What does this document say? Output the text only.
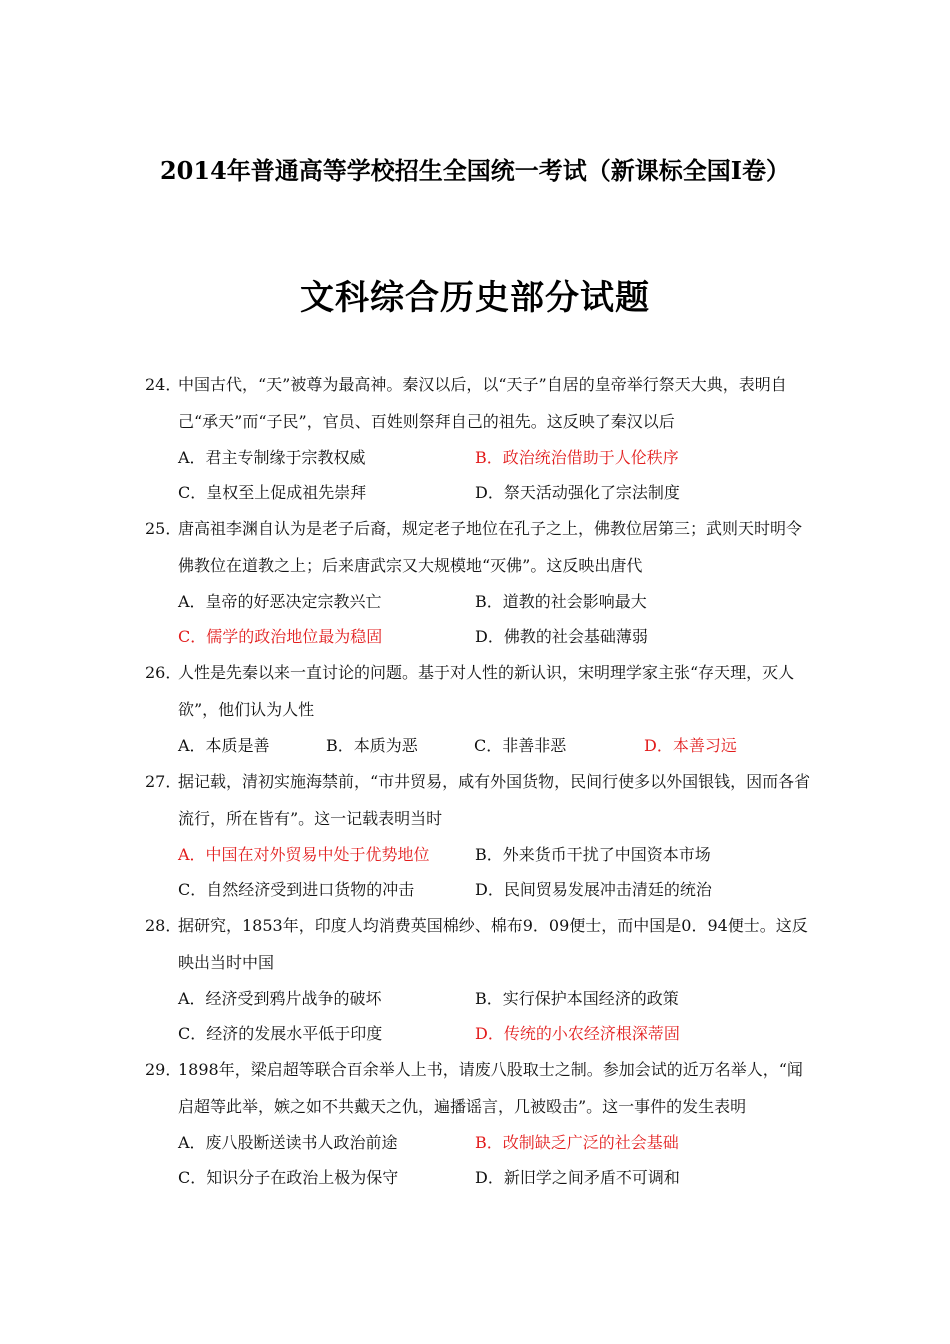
2014年普通高等学校招生全国统一考试（新课标全国Ⅰ卷）
文科综合历史部分试题
24．
中国古代，“天”被尊为最高神。秦汉以后，以“天子”自居的皇帝举行祭天大典，表明自己“承天”而“子民”，官员、百姓则祭拜自己的祖先。这反映了秦汉以后
A．君主专制缘于宗教权威	B．政治统治借助于人伦秩序
C．皇权至上促成祖先崇拜	D．祭天活动强化了宗法制度
25．
唐高祖李渊自认为是老子后裔，规定老子地位在孔子之上，佛教位居第三；武则天时明令佛教位在道教之上；后来唐武宗又大规模地“灭佛”。这反映出唐代
A．皇帝的好恶决定宗教兴亡	B．道教的社会影响最大
C．儒学的政治地位最为稳固	D．佛教的社会基础薄弱
26．
人性是先秦以来一直讨论的问题。基于对人性的新认识，宋明理学家主张“存天理，灭人欲”，他们认为人性
A．本质是善	B．本质为恶	C．非善非恶	D．本善习远
27．
据记载，清初实施海禁前，“市井贸易，咸有外国货物，民间行使多以外国银钱，因而各省流行，所在皆有”。这一记载表明当时
A．中国在对外贸易中处于优势地位	B．外来货币干扰了中国资本市场
C．自然经济受到进口货物的冲击	D．民间贸易发展冲击清廷的统治
28．
据研究，1853年，印度人均消费英国棉纱、棉布9．09便士，而中国是0．94便士。这反映出当时中国
A．经济受到鸦片战争的破坏	B．实行保护本国经济的政策
C．经济的发展水平低于印度	D．传统的小农经济根深蒂固
29．
1898年，梁启超等联合百余举人上书，请废八股取士之制。参加会试的近万名举人，“闻启超等此举，嫉之如不共戴天之仇，遍播谣言，几被殴击”。这一事件的发生表明
A．废八股断送读书人政治前途	B．改制缺乏广泛的社会基础
C．知识分子在政治上极为保守	D．新旧学之间矛盾不可调和
